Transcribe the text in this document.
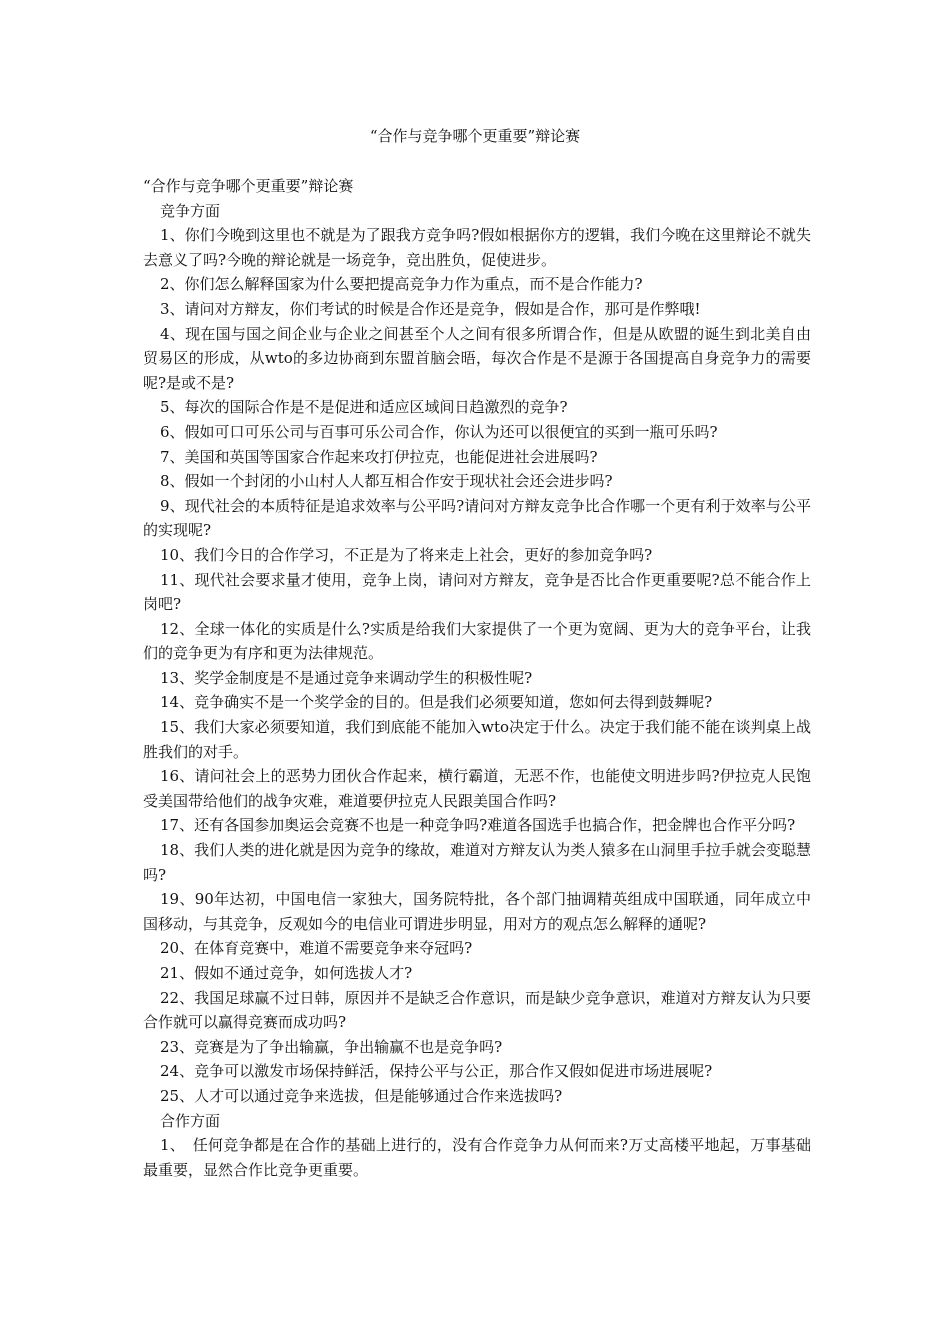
“合作与竞争哪个更重要”辩论赛

“合作与竞争哪个更重要”辩论赛

竞争方面

1、你们今晚到这里也不就是为了跟我方竞争吗?假如根据你方的逻辑，我们今晚在这里辩论不就失去意义了吗?今晚的辩论就是一场竞争，竞出胜负，促使进步。

2、你们怎么解释国家为什么要把提高竞争力作为重点，而不是合作能力?

3、请问对方辩友，你们考试的时候是合作还是竞争，假如是合作，那可是作弊哦!

4、现在国与国之间企业与企业之间甚至个人之间有很多所谓合作，但是从欧盟的诞生到北美自由贸易区的形成，从wto的多边协商到东盟首脑会晤，每次合作是不是源于各国提高自身竞争力的需要呢?是或不是?

5、每次的国际合作是不是促进和适应区域间日趋激烈的竞争?

6、假如可口可乐公司与百事可乐公司合作，你认为还可以很便宜的买到一瓶可乐吗?

7、美国和英国等国家合作起来攻打伊拉克，也能促进社会进展吗?

8、假如一个封闭的小山村人人都互相合作安于现状社会还会进步吗?

9、现代社会的本质特征是追求效率与公平吗?请问对方辩友竞争比合作哪一个更有利于效率与公平的实现呢?

10、我们今日的合作学习，不正是为了将来走上社会，更好的参加竞争吗?

11、现代社会要求量才使用，竞争上岗，请问对方辩友，竞争是否比合作更重要呢?总不能合作上岗吧?

12、全球一体化的实质是什么?实质是给我们大家提供了一个更为宽阔、更为大的竞争平台，让我们的竞争更为有序和更为法律规范。

13、奖学金制度是不是通过竞争来调动学生的积极性呢?

14、竞争确实不是一个奖学金的目的。但是我们必须要知道，您如何去得到鼓舞呢?

15、我们大家必须要知道，我们到底能不能加入wto决定于什么。决定于我们能不能在谈判桌上战胜我们的对手。

16、请问社会上的恶势力团伙合作起来，横行霸道，无恶不作，也能使文明进步吗?伊拉克人民饱受美国带给他们的战争灾难，难道要伊拉克人民跟美国合作吗?

17、还有各国参加奥运会竞赛不也是一种竞争吗?难道各国选手也搞合作，把金牌也合作平分吗?

18、我们人类的进化就是因为竞争的缘故，难道对方辩友认为类人猿多在山洞里手拉手就会变聪慧吗?

19、90年达初，中国电信一家独大，国务院特批，各个部门抽调精英组成中国联通，同年成立中国移动，与其竞争，反观如今的电信业可谓进步明显，用对方的观点怎么解释的通呢?

20、在体育竞赛中，难道不需要竞争来夺冠吗?

21、假如不通过竞争，如何选拔人才?

22、我国足球赢不过日韩，原因并不是缺乏合作意识，而是缺少竞争意识，难道对方辩友认为只要合作就可以赢得竞赛而成功吗?

23、竞赛是为了争出输赢，争出输赢不也是竞争吗?

24、竞争可以激发市场保持鲜活，保持公平与公正，那合作又假如促进市场进展呢?

25、人才可以通过竞争来选拔，但是能够通过合作来选拔吗?

合作方面

1、　任何竞争都是在合作的基础上进行的，没有合作竞争力从何而来?万丈高楼平地起，万事基础最重要，显然合作比竞争更重要。
